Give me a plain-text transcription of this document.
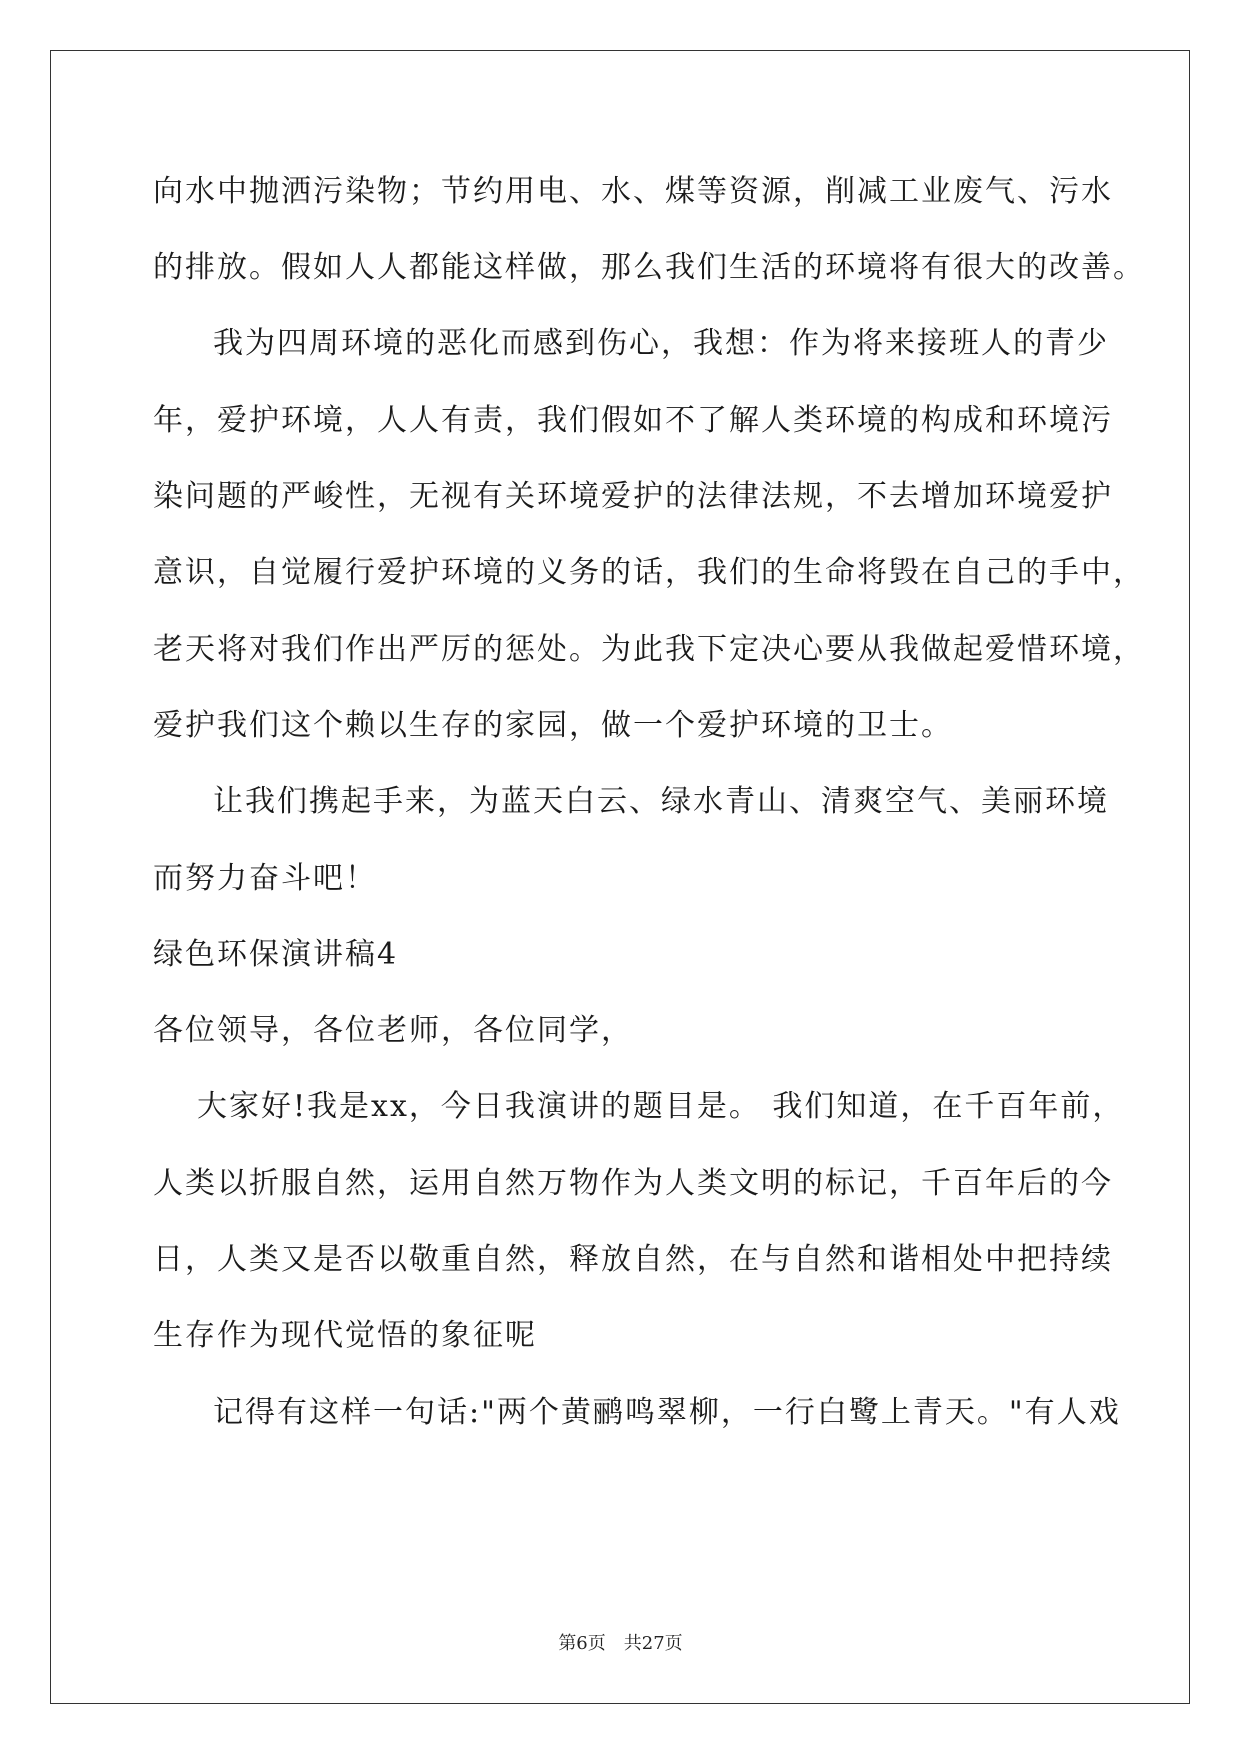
向水中抛洒污染物；节约用电、水、煤等资源，削减工业废气、污水
的排放。假如人人都能这样做，那么我们生活的环境将有很大的改善。
我为四周环境的恶化而感到伤心，我想：作为将来接班人的青少
年，爱护环境，人人有责，我们假如不了解人类环境的构成和环境污
染问题的严峻性，无视有关环境爱护的法律法规，不去增加环境爱护
意识，自觉履行爱护环境的义务的话，我们的生命将毁在自己的手中，
老天将对我们作出严厉的惩处。为此我下定决心要从我做起爱惜环境，
爱护我们这个赖以生存的家园，做一个爱护环境的卫士。
让我们携起手来，为蓝天白云、绿水青山、清爽空气、美丽环境
而努力奋斗吧！
绿色环保演讲稿4
各位领导，各位老师，各位同学，
大家好!我是xx，今日我演讲的题目是。 我们知道，在千百年前，
人类以折服自然，运用自然万物作为人类文明的标记，千百年后的今
日，人类又是否以敬重自然，释放自然，在与自然和谐相处中把持续
生存作为现代觉悟的象征呢
记得有这样一句话:"两个黄鹂鸣翠柳，一行白鹭上青天。"有人戏
第6页 共27页
